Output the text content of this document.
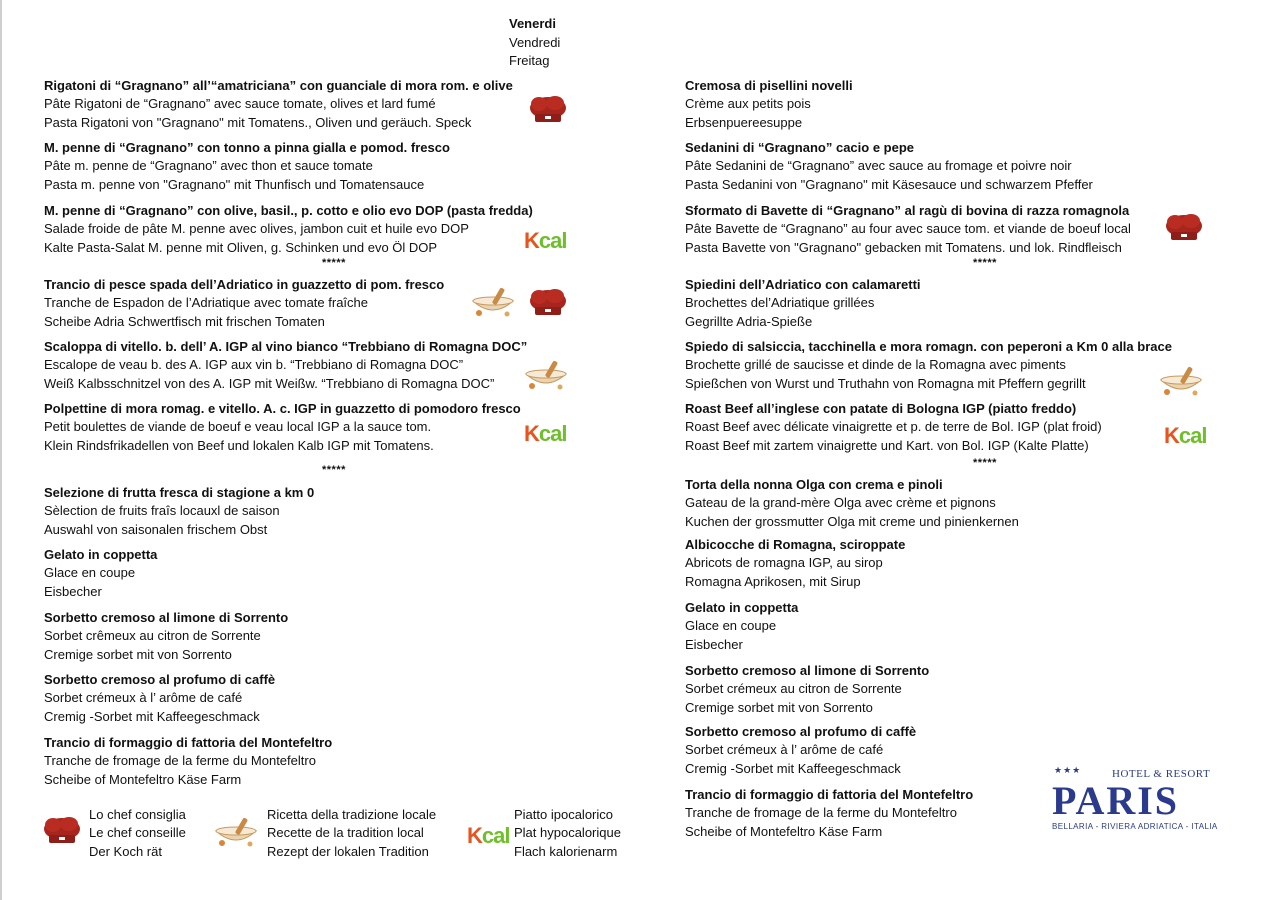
Venerdi
Vendredi
Freitag
Rigatoni di “Gragnano” all’“amatriciana” con guanciale di mora rom. e olive
Pâte Rigatoni de “Gragnano” avec sauce tomate, olives et lard fumé
Pasta Rigatoni von "Gragnano" mit Tomatens., Oliven und geräuch. Speck
M. penne di “Gragnano” con tonno a pinna gialla e pomod. fresco
Pâte m. penne de “Gragnano” avec thon et sauce tomate
Pasta m. penne von "Gragnano" mit Thunfisch und Tomatensauce
M. penne di “Gragnano” con olive, basil., p. cotto e olio evo DOP (pasta fredda)
Salade froide de pâte M. penne avec olives, jambon cuit et huile evo DOP
Kalte Pasta-Salat M. penne mit Oliven, g. Schinken und evo Öl DOP
Trancio di pesce spada dell’Adriatico in guazzetto di pom. fresco
Tranche de Espadon de l’Adriatique avec tomate fraîche
Scheibe Adria Schwertfisch mit frischen Tomaten
Scaloppa di vitello. b. dell’ A. IGP al vino bianco “Trebbiano di Romagna DOC”
Escalope de veau b. des A. IGP aux vin b. “Trebbiano di Romagna DOC”
Weiß Kalbsschnitzel von des A. IGP mit Weißw. “Trebbiano di Romagna DOC”
Polpettine di mora romag. e vitello. A. c. IGP in guazzetto di pomodoro fresco
Petit boulettes de viande de boeuf e veau local IGP a la sauce tom.
Klein Rindsfrikadellen von Beef und lokalen Kalb IGP mit Tomatens.
Selezione di frutta fresca di stagione a km 0
Sèlection de fruits fraîs locauxl de saison
Auswahl von saisonalen frischem Obst
Gelato in coppetta
Glace en coupe
Eisbecher
Sorbetto cremoso al limone di Sorrento
Sorbet crêmeux au citron de Sorrente
Cremige sorbet mit von Sorrento
Sorbetto cremoso al profumo di caffè
Sorbet crémeux à l’ arôme de café
Cremig -Sorbet mit Kaffeegeschmack
Trancio di formaggio di fattoria del Montefeltro
Tranche de fromage de la ferme du Montefeltro
Scheibe of Montefeltro Käse Farm
*****
*****
*****
*****
Cremosa di pisellini novelli
Crème aux petits pois
Erbsenpuereesuppe
Sedanini di “Gragnano” cacio e pepe
Pâte Sedanini de “Gragnano” avec sauce au fromage et poivre noir
Pasta Sedanini von "Gragnano" mit Käsesauce und schwarzem Pfeffer
Sformato di Bavette di “Gragnano” al ragù di bovina di razza romagnola
Pâte Bavette de “Gragnano” au four avec sauce tom. et viande de boeuf local
Pasta Bavette von "Gragnano" gebacken mit Tomatens. und lok. Rindfleisch
Spiedini dell’Adriatico con calamaretti
Brochettes del’Adriatique grillées
Gegrillte Adria-Spieße
Spiedo di salsiccia, tacchinella e mora romagn. con peperoni a Km 0 alla brace
Brochette grillé de saucisse et dinde de la Romagna avec piments
Spießchen von Wurst und Truthahn von Romagna mit Pfeffern gegrillt
Roast Beef all’inglese con patate di Bologna IGP (piatto freddo)
Roast Beef avec délicate vinaigrette et p. de terre de Bol. IGP (plat froid)
Roast Beef mit zartem vinaigrette und Kart. von Bol. IGP (Kalte Platte)
Torta della nonna Olga con crema e pinoli
Gateau de la grand-mère Olga avec crème et pignons
Kuchen der grossmutter Olga mit creme und pinienkernen
Albicocche di Romagna, sciroppate
Abricots de romagna IGP, au sirop
Romagna Aprikosen, mit Sirup
Gelato in coppetta
Glace en coupe
Eisbecher
Sorbetto cremoso al limone di Sorrento
Sorbet crémeux au citron de Sorrente
Cremige sorbet mit von Sorrento
Sorbetto cremoso al profumo di caffè
Sorbet crémeux à l’ arôme de café
Cremig -Sorbet mit Kaffeegeschmack
Trancio di formaggio di fattoria del Montefeltro
Tranche de fromage de la ferme du Montefeltro
Scheibe of Montefeltro Käse Farm
Kcal
Kcal	Kcal
Kcal
Lo chef consiglia
Le chef conseille
Der Koch rät
Ricetta della tradizione locale
Recette de la tradition local
Rezept der lokalen Tradition
Piatto ipocalorico
Plat hypocalorique
Flach kalorienarm
★★★	HOTEL & RESORT
PARIS
BELLARIA - RIVIERA ADRIATICA - ITALIA
